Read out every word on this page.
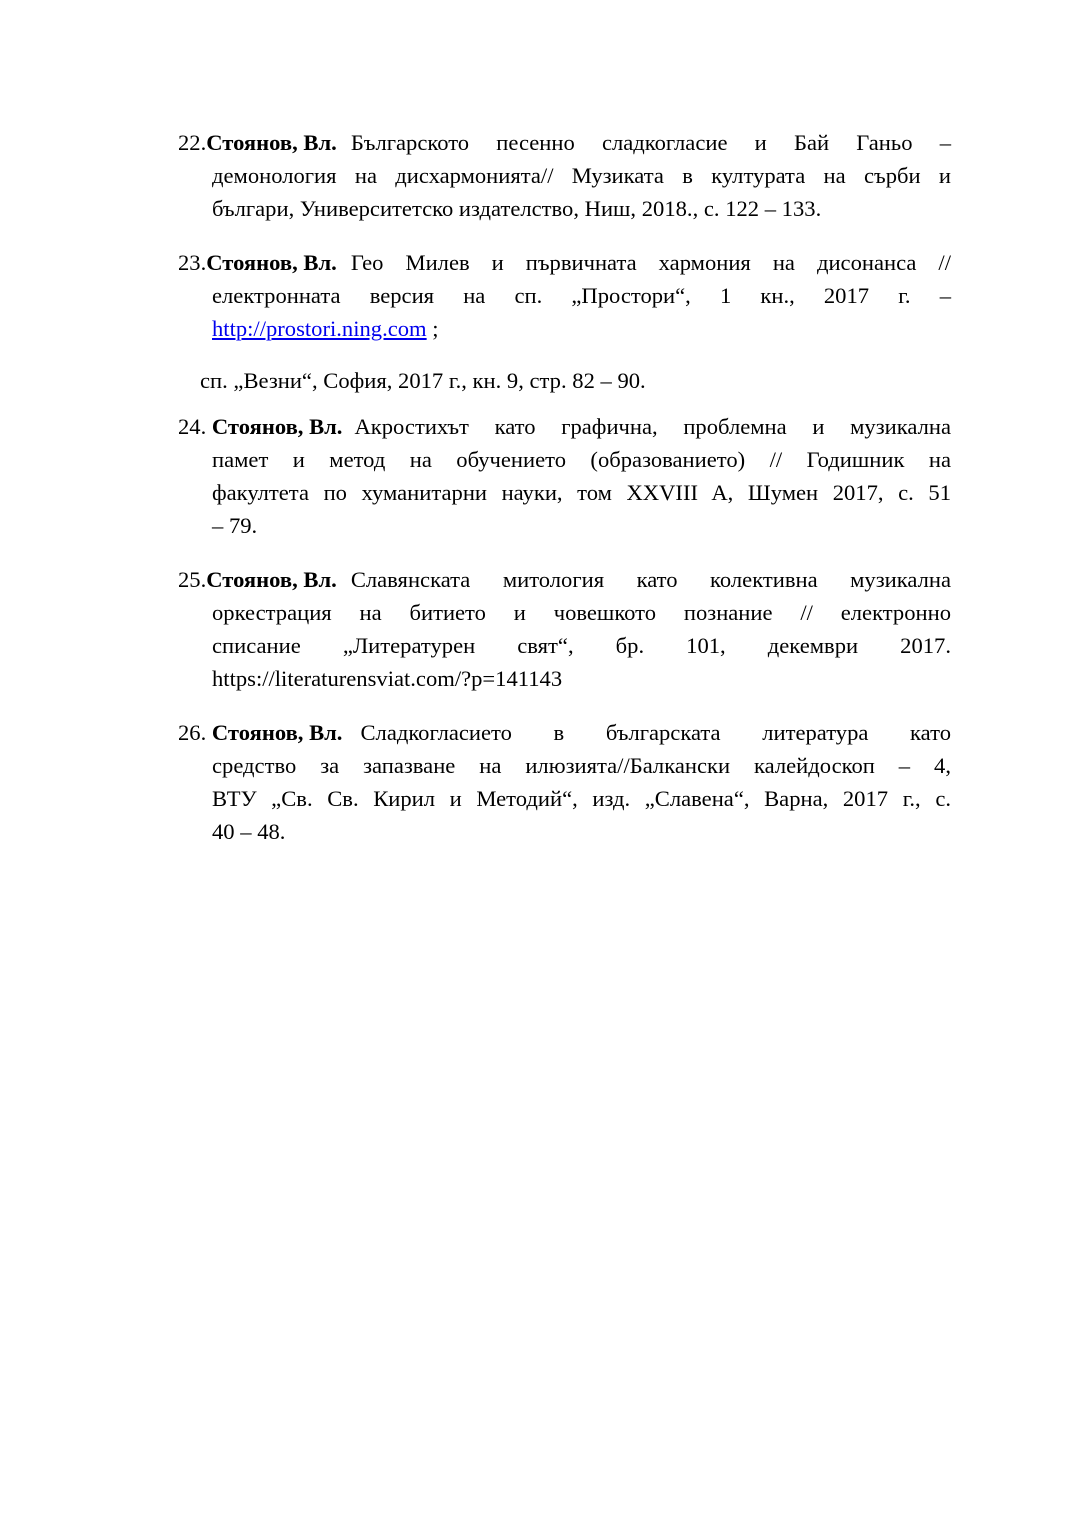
22.Стоянов, Вл. Българското песенно сладкогласие и Бай Ганьо –
демонология на дисхармонията// Музиката в културата на сърби и
българи, Университетско издателство, Ниш, 2018., с. 122 – 133.
23.Стоянов, Вл. Гео Милев и първичната хармония на дисонанса //
електронната версия на сп. „Простори“, 1 кн., 2017 г. –
http://prostori.ning.com ;
сп. „Везни“, София, 2017 г., кн. 9, стр. 82 – 90.
24. Стоянов, Вл. Акростихът като графична, проблемна и музикална
памет и метод на обучението (образованието) // Годишник на
факултета по хуманитарни науки, том XXVIII A, Шумен 2017, с. 51
– 79.
25.Стоянов, Вл. Славянската митология като колективна музикална
оркестрация на битието и човешкото познание // електронно
списание „Литературен свят“, бр. 101, декември 2017.
https://literaturensviat.com/?p=141143
26. Стоянов, Вл. Сладкогласието в българската литература като
средство за запазване на илюзията//Балкански калейдоскоп – 4,
ВТУ „Св. Св. Кирил и Методий“, изд. „Славена“, Варна, 2017 г., с.
40 – 48.
